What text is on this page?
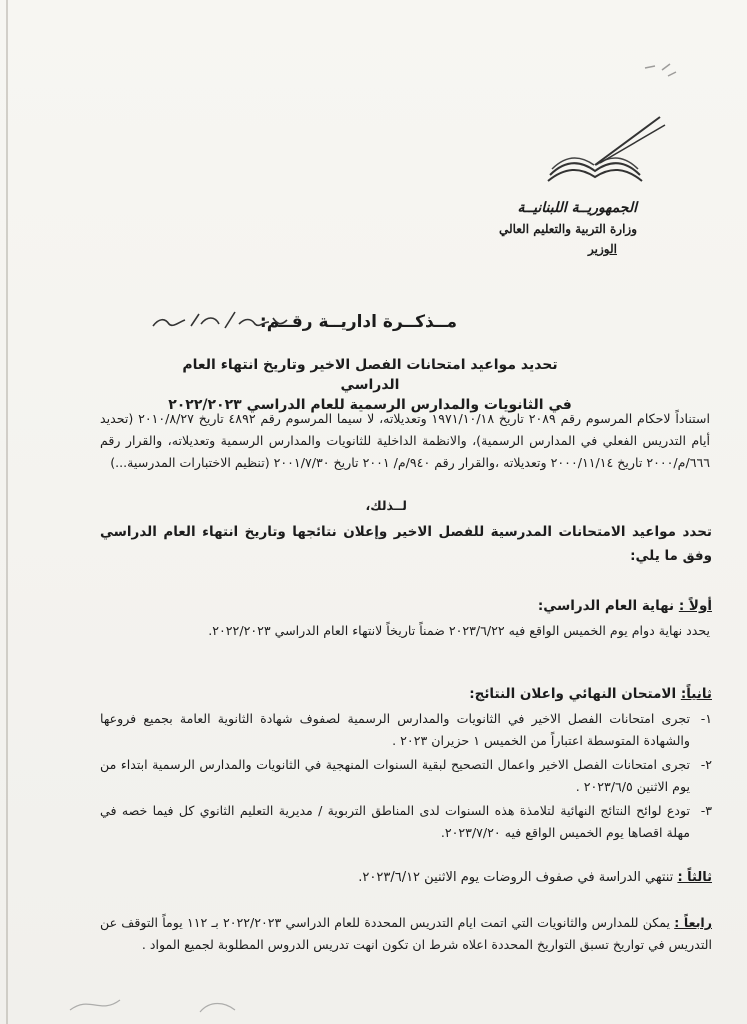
الجمهوريــة اللبنانيــة
وزارة التربية والتعليم العالي
الوزير
مــذكــرة اداريــة رقــم:
تحديد مواعيد امتحانات الفصل الاخير وتاريخ انتهاء العام الدراسي
في الثانويات والمدارس الرسمية للعام الدراسي ٢٠٢٢/٢٠٢٣

استناداً لاحكام المرسوم رقم ٢٠٨٩ تاريخ ١٩٧١/١٠/١٨ وتعديلاته، لا سيما المرسوم رقم ٤٨٩٢ تاريخ ٢٠١٠/٨/٢٧ (تحديد أيام التدريس الفعلي في المدارس الرسمية)، والانظمة الداخلية للثانويات والمدارس الرسمية وتعديلاته، والقرار رقم ٦٦٦/م/٢٠٠٠ تاريخ ٢٠٠٠/١١/١٤ وتعديلاته ،والقرار رقم ٩٤٠/م/ ٢٠٠١ تاريخ ٢٠٠١/٧/٣٠ (تنظيم الاختبارات المدرسية...)

لــذلك،
تحدد مواعيد الامتحانات المدرسية للفصل الاخير وإعلان نتائجها وتاريخ انتهاء العام الدراسي وفق ما يلي:
أولاً : نهاية العام الدراسي:

يحدد نهاية دوام يوم الخميس الواقع فيه ٢٠٢٣/٦/٢٢ ضمناً تاريخاً لانتهاء العام الدراسي ٢٠٢٢/٢٠٢٣.

ثانياً: الامتحان النهائي واعلان النتائج:
١-
تجرى امتحانات الفصل الاخير في الثانويات والمدارس الرسمية لصفوف شهادة الثانوية العامة بجميع فروعها والشهادة المتوسطة اعتباراً من الخميس ١ حزيران ٢٠٢٣ .
٢-
تجرى امتحانات الفصل الاخير واعمال التصحيح لبقية السنوات المنهجية في الثانويات والمدارس الرسمية ابتداء من يوم الاثنين ٢٠٢٣/٦/٥ .
٣-
تودع لوائح النتائج النهائية لتلامذة هذه السنوات لدى المناطق التربوية / مديرية التعليم الثانوي كل فيما خصه في مهلة اقصاها يوم الخميس الواقع فيه ٢٠٢٣/٧/٢٠.
ثالثاً : تنتهي الدراسة في صفوف الروضات يوم الاثنين ٢٠٢٣/٦/١٢.

رابعاً : يمكن للمدارس والثانويات التي اتمت ايام التدريس المحددة للعام الدراسي ٢٠٢٢/٢٠٢٣ بـ ١١٢ يوماً التوقف عن التدريس في تواريخ تسبق التواريخ المحددة اعلاه شرط ان تكون انهت تدريس الدروس المطلوبة لجميع المواد .
